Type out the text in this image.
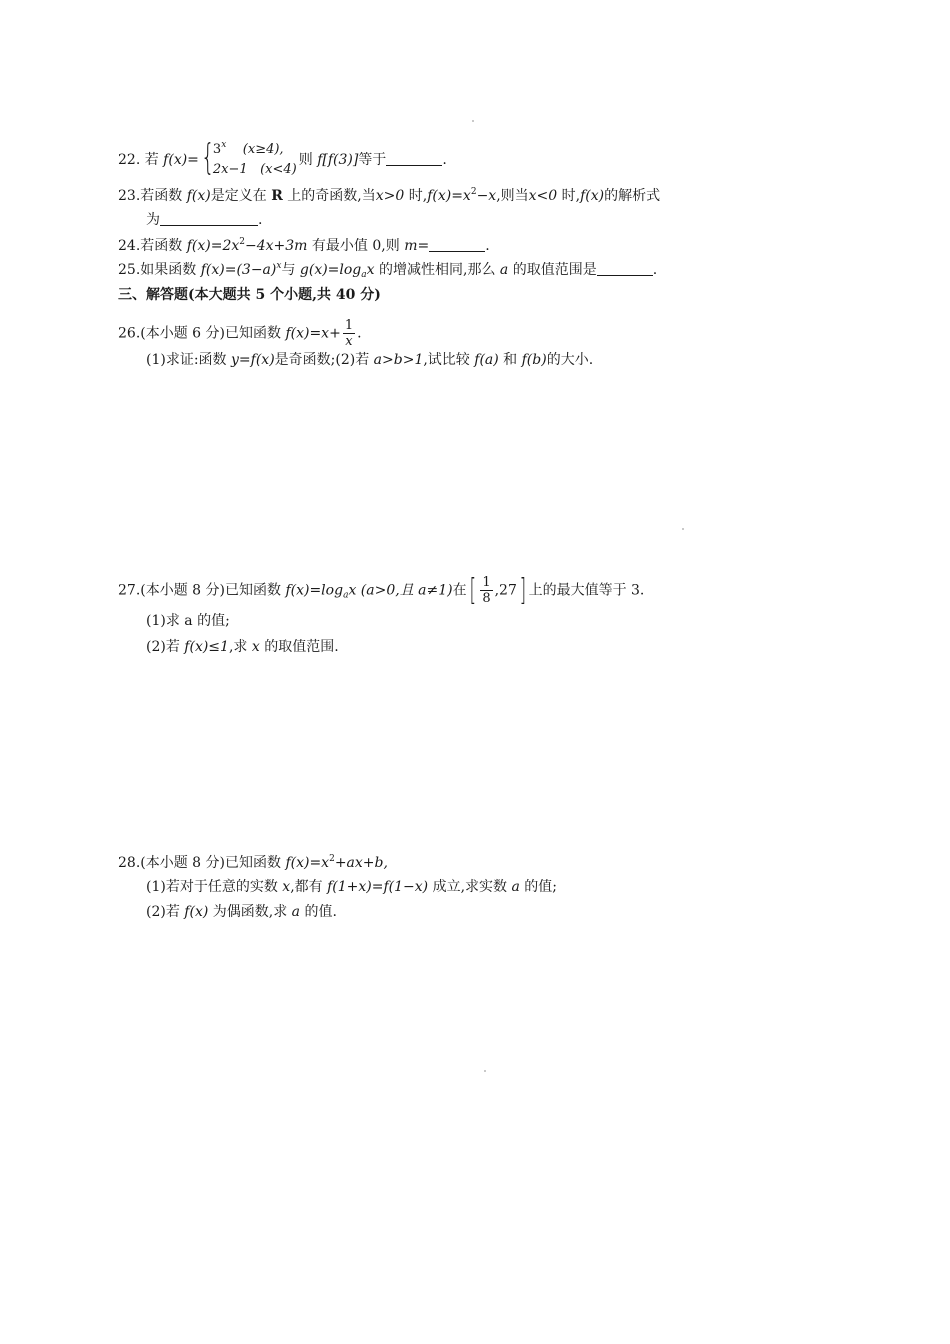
22. 若 f(x)= {
3$^x$ (x≥4),
2x−1 (x<4)
则 f[f(3)]等于	.
23.若函数 f(x)是定义在 R 上的奇函数,当x>0 时$,f(x)=x^2-x$,则当x<0 时,f(x)的解析式
为	.
24.若函数 $f(x)=2x^2-4x+3m$ 有最小值 0,则 m=	.
25.如果函数 $f(x)=(3-a)^x$与 $g(x)=\log_ax$ 的增减性相同,那么 a 的取值范围是	.
三、解答题(本大题共 5 个小题,共 40 分)
26.(本小题 6 分)已知函数 $f(x)=x+ \frac{1}{x}$ .
(1)求证:函数 y=f(x)是奇函数;(2)若 a>b>1,试比较 f(a) 和 f(b)的大小.
27.(本小题 8 分)已知函数 $f(x)=\log_ax$ (a>0,且 a≠1)在[ $\frac{1}{8} ,27$] 上的最大值等于 3.
(1)求 a 的值;
(2)若 f(x)≤1,求 x 的取值范围.
28.(本小题 8 分)已知函数 $f(x)=x^2+ax+b$,
(1)若对于任意的实数 x,都有 f(1+x)=f(1−x) 成立,求实数 a 的值;
(2)若 f(x) 为偶函数,求 a 的值.
